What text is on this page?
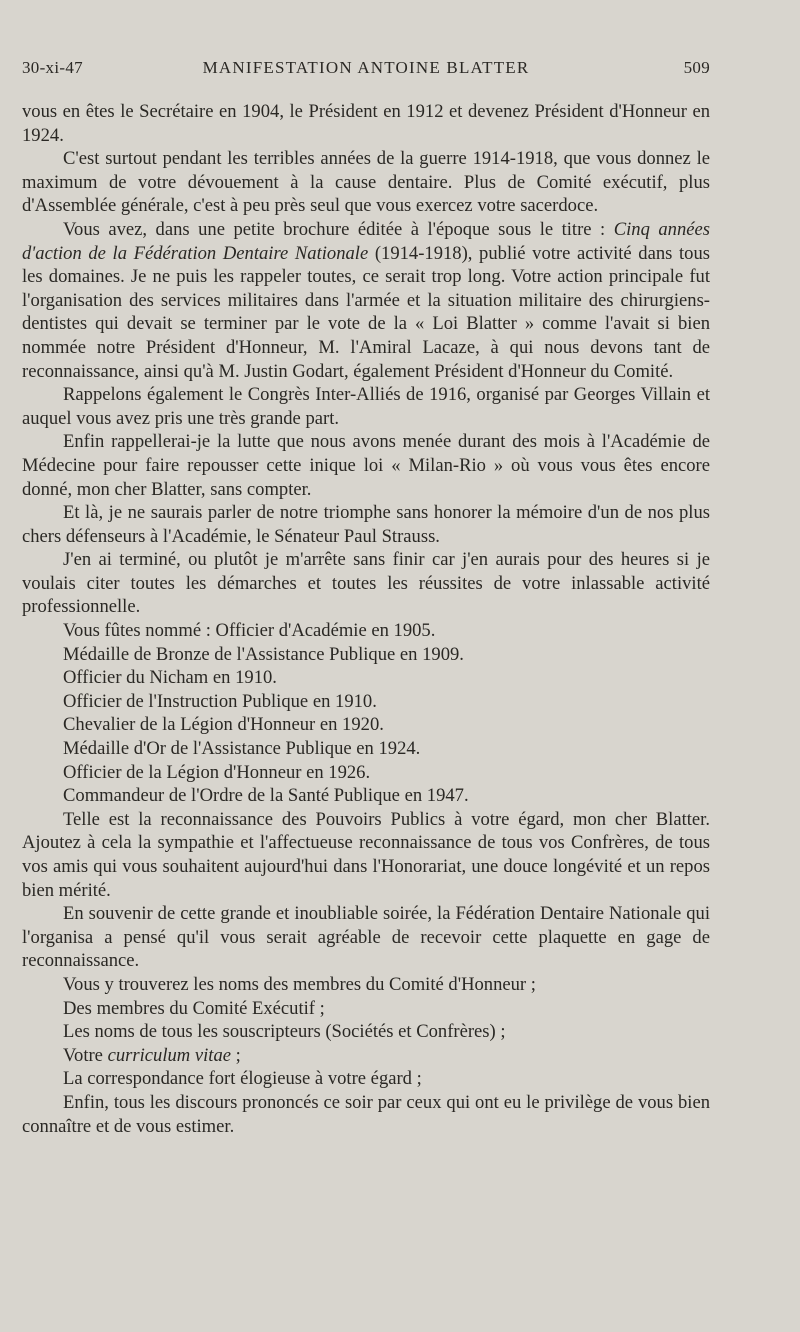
30-xi-47	MANIFESTATION ANTOINE BLATTER	509

vous en êtes le Secrétaire en 1904, le Président en 1912 et devenez Président d'Honneur en 1924.

C'est surtout pendant les terribles années de la guerre 1914-1918, que vous donnez le maximum de votre dévouement à la cause dentaire. Plus de Comité exécutif, plus d'Assemblée générale, c'est à peu près seul que vous exercez votre sacerdoce.

Vous avez, dans une petite brochure éditée à l'époque sous le titre : Cinq années d'action de la Fédération Dentaire Nationale (1914-1918), publié votre activité dans tous les domaines. Je ne puis les rappeler toutes, ce serait trop long. Votre action principale fut l'organisation des services militaires dans l'armée et la situation militaire des chirurgiens-dentistes qui devait se terminer par le vote de la « Loi Blatter » comme l'avait si bien nommée notre Président d'Honneur, M. l'Amiral Lacaze, à qui nous devons tant de reconnaissance, ainsi qu'à M. Justin Godart, également Président d'Honneur du Comité.

Rappelons également le Congrès Inter-Alliés de 1916, organisé par Georges Villain et auquel vous avez pris une très grande part.

Enfin rappellerai-je la lutte que nous avons menée durant des mois à l'Académie de Médecine pour faire repousser cette inique loi « Milan-Rio » où vous vous êtes encore donné, mon cher Blatter, sans compter.

Et là, je ne saurais parler de notre triomphe sans honorer la mémoire d'un de nos plus chers défenseurs à l'Académie, le Sénateur Paul Strauss.

J'en ai terminé, ou plutôt je m'arrête sans finir car j'en aurais pour des heures si je voulais citer toutes les démarches et toutes les réussites de votre inlassable activité professionnelle.

Vous fûtes nommé : Officier d'Académie en 1905.
Médaille de Bronze de l'Assistance Publique en 1909.
Officier du Nicham en 1910.
Officier de l'Instruction Publique en 1910.
Chevalier de la Légion d'Honneur en 1920.
Médaille d'Or de l'Assistance Publique en 1924.
Officier de la Légion d'Honneur en 1926.
Commandeur de l'Ordre de la Santé Publique en 1947.

Telle est la reconnaissance des Pouvoirs Publics à votre égard, mon cher Blatter. Ajoutez à cela la sympathie et l'affectueuse reconnaissance de tous vos Confrères, de tous vos amis qui vous souhaitent aujourd'hui dans l'Honorariat, une douce longévité et un repos bien mérité.

En souvenir de cette grande et inoubliable soirée, la Fédération Dentaire Nationale qui l'organisa a pensé qu'il vous serait agréable de recevoir cette plaquette en gage de reconnaissance.

Vous y trouverez les noms des membres du Comité d'Honneur ;
Des membres du Comité Exécutif ;
Les noms de tous les souscripteurs (Sociétés et Confrères) ;
Votre curriculum vitae ;
La correspondance fort élogieuse à votre égard ;

Enfin, tous les discours prononcés ce soir par ceux qui ont eu le privilège de vous bien connaître et de vous estimer.
